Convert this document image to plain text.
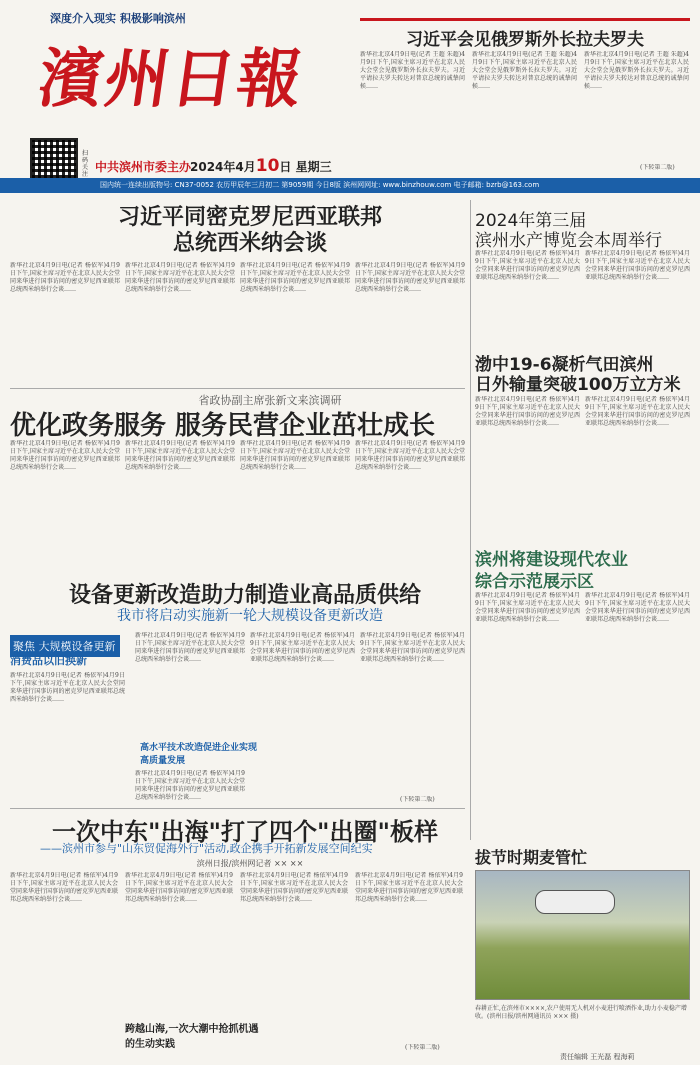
深度介入现实 积极影响滨州
濱州日報
扫码关注
中共滨州市委主办
2024年4月10日 星期三
习近平会见俄罗斯外长拉夫罗夫
新华社北京4月9日电(记者 王超 朱超)4月9日下午,国家主席习近平在北京人民大会堂会见俄罗斯外长拉夫罗夫。习近平请拉夫罗夫转达对普京总统的诚挚问候……
新华社北京4月9日电(记者 王超 朱超)4月9日下午,国家主席习近平在北京人民大会堂会见俄罗斯外长拉夫罗夫。习近平请拉夫罗夫转达对普京总统的诚挚问候……
新华社北京4月9日电(记者 王超 朱超)4月9日下午,国家主席习近平在北京人民大会堂会见俄罗斯外长拉夫罗夫。习近平请拉夫罗夫转达对普京总统的诚挚问候……
(下转第二版)
国内统一连续出版物号: CN37-0052 农历甲辰年三月初二 第9059期 今日8版 滨州网网址: www.binzhouw.com 电子邮箱: bzrb@163.com
习近平同密克罗尼西亚联邦
总统西米纳会谈
新华社北京4月9日电(记者 杨依军)4月9日下午,国家主席习近平在北京人民大会堂同来华进行国事访问的密克罗尼西亚联邦总统西米纳举行会谈……
新华社北京4月9日电(记者 杨依军)4月9日下午,国家主席习近平在北京人民大会堂同来华进行国事访问的密克罗尼西亚联邦总统西米纳举行会谈……
新华社北京4月9日电(记者 杨依军)4月9日下午,国家主席习近平在北京人民大会堂同来华进行国事访问的密克罗尼西亚联邦总统西米纳举行会谈……
新华社北京4月9日电(记者 杨依军)4月9日下午,国家主席习近平在北京人民大会堂同来华进行国事访问的密克罗尼西亚联邦总统西米纳举行会谈……
2024年第三届
滨州水产博览会本周举行
新华社北京4月9日电(记者 杨依军)4月9日下午,国家主席习近平在北京人民大会堂同来华进行国事访问的密克罗尼西亚联邦总统西米纳举行会谈……
新华社北京4月9日电(记者 杨依军)4月9日下午,国家主席习近平在北京人民大会堂同来华进行国事访问的密克罗尼西亚联邦总统西米纳举行会谈……
渤中19-6凝析气田滨州
日外输量突破100万立方米
新华社北京4月9日电(记者 杨依军)4月9日下午,国家主席习近平在北京人民大会堂同来华进行国事访问的密克罗尼西亚联邦总统西米纳举行会谈……
新华社北京4月9日电(记者 杨依军)4月9日下午,国家主席习近平在北京人民大会堂同来华进行国事访问的密克罗尼西亚联邦总统西米纳举行会谈……
滨州将建设现代农业
综合示范展示区
新华社北京4月9日电(记者 杨依军)4月9日下午,国家主席习近平在北京人民大会堂同来华进行国事访问的密克罗尼西亚联邦总统西米纳举行会谈……
新华社北京4月9日电(记者 杨依军)4月9日下午,国家主席习近平在北京人民大会堂同来华进行国事访问的密克罗尼西亚联邦总统西米纳举行会谈……
拔节时期麦管忙
春耕正忙,在滨州市××××,农户使用无人机对小麦进行喷洒作业,助力小麦稳产增收。(滨州日报/滨州网通讯员 ××× 摄)
省政协副主席张新文来滨调研
优化政务服务 服务民营企业茁壮成长
新华社北京4月9日电(记者 杨依军)4月9日下午,国家主席习近平在北京人民大会堂同来华进行国事访问的密克罗尼西亚联邦总统西米纳举行会谈……
新华社北京4月9日电(记者 杨依军)4月9日下午,国家主席习近平在北京人民大会堂同来华进行国事访问的密克罗尼西亚联邦总统西米纳举行会谈……
新华社北京4月9日电(记者 杨依军)4月9日下午,国家主席习近平在北京人民大会堂同来华进行国事访问的密克罗尼西亚联邦总统西米纳举行会谈……
新华社北京4月9日电(记者 杨依军)4月9日下午,国家主席习近平在北京人民大会堂同来华进行国事访问的密克罗尼西亚联邦总统西米纳举行会谈……
设备更新改造助力制造业高品质供给
我市将启动实施新一轮大规模设备更新改造
聚焦 大规模设备更新
消费品以旧换新
新华社北京4月9日电(记者 杨依军)4月9日下午,国家主席习近平在北京人民大会堂同来华进行国事访问的密克罗尼西亚联邦总统西米纳举行会谈……
新华社北京4月9日电(记者 杨依军)4月9日下午,国家主席习近平在北京人民大会堂同来华进行国事访问的密克罗尼西亚联邦总统西米纳举行会谈……
高水平技术改造促进企业实现高质量发展
新华社北京4月9日电(记者 杨依军)4月9日下午,国家主席习近平在北京人民大会堂同来华进行国事访问的密克罗尼西亚联邦总统西米纳举行会谈……
新华社北京4月9日电(记者 杨依军)4月9日下午,国家主席习近平在北京人民大会堂同来华进行国事访问的密克罗尼西亚联邦总统西米纳举行会谈……
新华社北京4月9日电(记者 杨依军)4月9日下午,国家主席习近平在北京人民大会堂同来华进行国事访问的密克罗尼西亚联邦总统西米纳举行会谈……
(下转第二版)
一次中东"出海"打了四个"出圈"板样
——滨州市参与"山东贸促海外行"活动,政企携手开拓新发展空间纪实
滨州日报/滨州网记者 ×× ××
新华社北京4月9日电(记者 杨依军)4月9日下午,国家主席习近平在北京人民大会堂同来华进行国事访问的密克罗尼西亚联邦总统西米纳举行会谈……
新华社北京4月9日电(记者 杨依军)4月9日下午,国家主席习近平在北京人民大会堂同来华进行国事访问的密克罗尼西亚联邦总统西米纳举行会谈……
跨越山海,一次大潮中抢抓机遇的生动实践
新华社北京4月9日电(记者 杨依军)4月9日下午,国家主席习近平在北京人民大会堂同来华进行国事访问的密克罗尼西亚联邦总统西米纳举行会谈……
新华社北京4月9日电(记者 杨依军)4月9日下午,国家主席习近平在北京人民大会堂同来华进行国事访问的密克罗尼西亚联邦总统西米纳举行会谈……
(下转第二版)
责任编辑 王光磊 程海莉
